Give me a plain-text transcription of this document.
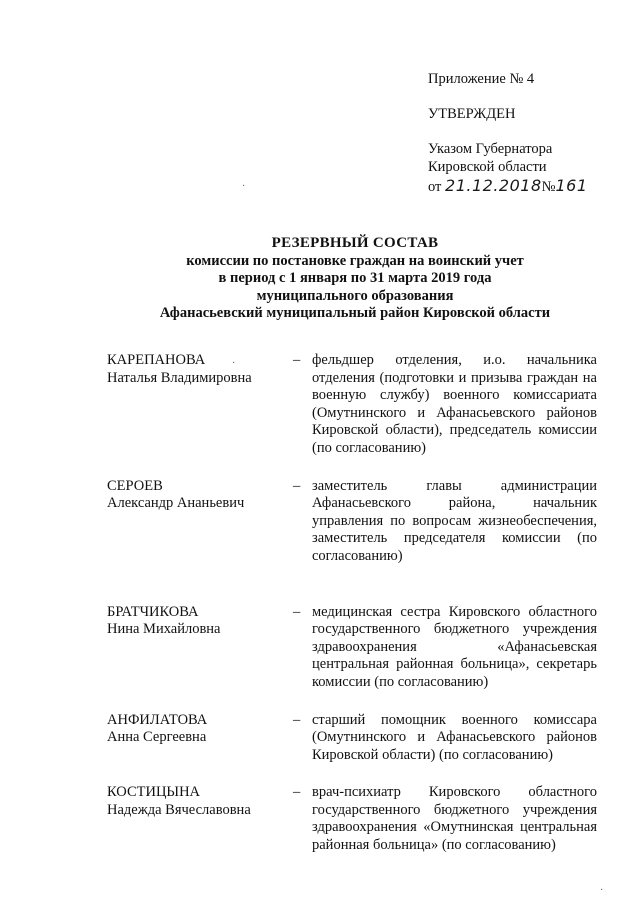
Приложение № 4
УТВЕРЖДЕН
Указом Губернатора
Кировской области
от 21.12.2018№161
РЕЗЕРВНЫЙ СОСТАВ
комиссии по постановке граждан на воинский учет
в период с 1 января по 31 марта 2019 года
муниципального образования
Афанасьевский муниципальный район Кировской области
КАРЕПАНОВА
Наталья Владимировна
– фельдшер отделения, и.о. начальника отделения (подготовки и призыва граждан на военную службу) военного комиссариата (Омутнинского и Афанасьевского районов Кировской области), председатель комиссии (по согласованию)
СЕРОЕВ
Александр Ананьевич
– заместитель главы администрации Афанасьевского района, начальник управления по вопросам жизнеобеспечения, заместитель председателя комиссии (по согласованию)
БРАТЧИКОВА
Нина Михайловна
– медицинская сестра Кировского областного государственного бюджетного учреждения здравоохранения «Афанасьевская центральная районная больница», секретарь комиссии (по согласованию)
АНФИЛАТОВА
Анна Сергеевна
– старший помощник военного комиссара (Омутнинского и Афанасьевского районов Кировской области) (по согласованию)
КОСТИЦЫНА
Надежда Вячеславовна
– врач-психиатр Кировского областного государственного бюджетного учреждения здравоохранения «Омутнинская центральная районная больница» (по согласованию)
·
·
·
